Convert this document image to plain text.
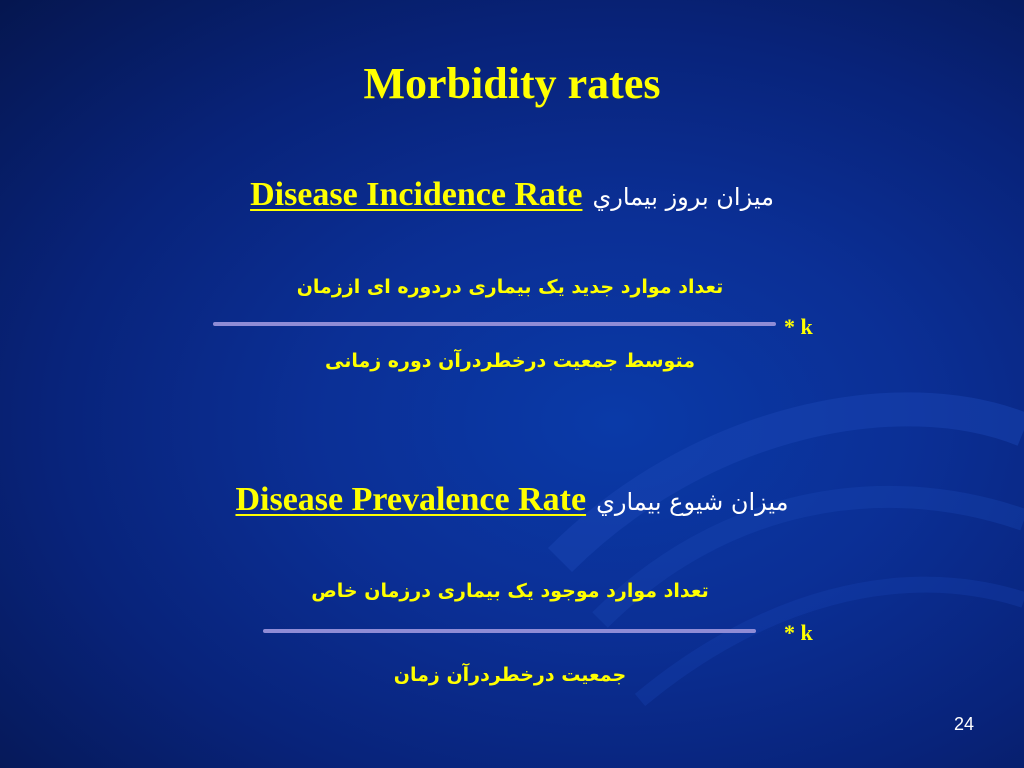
Morbidity rates
Disease Incidence Rate ميزان بروز بيماري
تعداد موارد جدید یک بیماری دردوره ای اززمان
* k
متوسط جمعیت درخطردرآن دوره زمانی
Disease Prevalence Rate ميزان شيوع بيماري
تعداد موارد موجود یک بیماری درزمان خاص
* k
جمعیت درخطردرآن زمان
24
